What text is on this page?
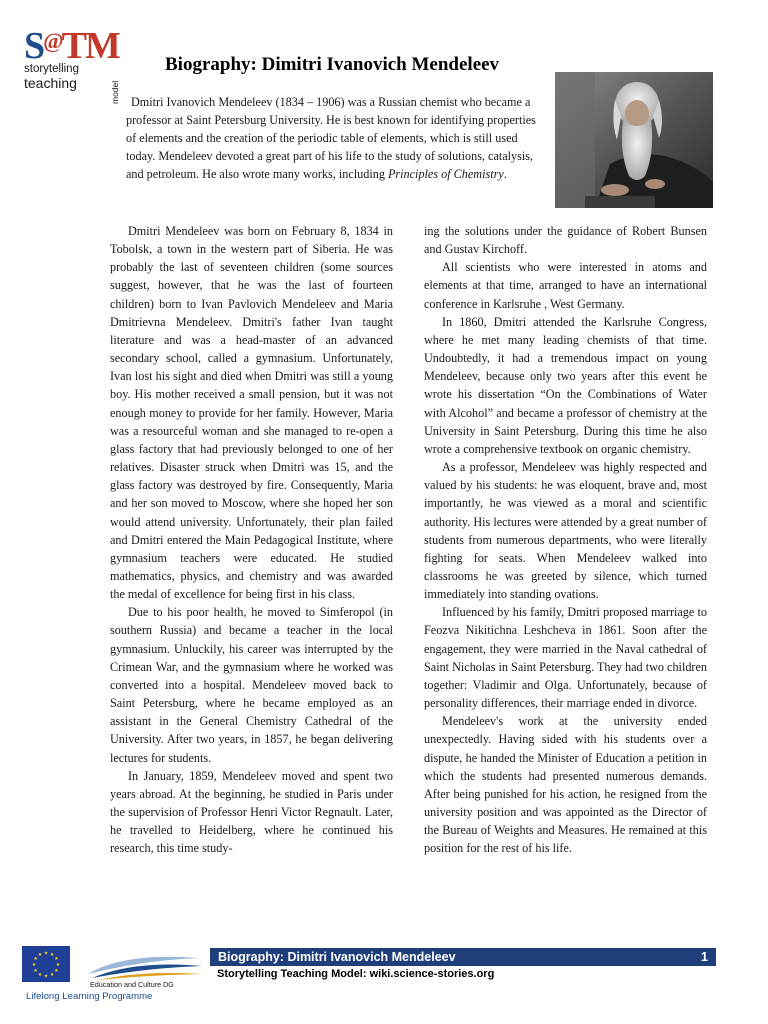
S@TM
storytelling
teaching	model
Biography: Dimitri Ivanovich Mendeleev

Dmitri Ivanovich Mendeleev (1834 – 1906) was a Russian chemist who became a professor at Saint Petersburg University. He is best known for identifying properties of elements and the creation of the periodic table of elements, which is still used today. Mendeleev devoted a great part of his life to the study of solutions, catalysis, and petroleum. He also wrote many works, including Principles of Chemistry.

Dmitri Mendeleev was born on February 8, 1834 in Tobolsk, a town in the western part of Siberia. He was probably the last of seventeen children (some sources suggest, however, that he was the last of fourteen children) born to Ivan Pavlovich Mendeleev and Maria Dmitrievna Mendeleev. Dmitri's father Ivan taught literature and was a head-master of an advanced secondary school, called a gymnasium. Unfortunately, Ivan lost his sight and died when Dmitri was still a young boy. His mother received a small pension, but it was not enough money to provide for her family. However, Maria was a resourceful woman and she managed to re-open a glass factory that had previously belonged to one of her relatives. Disaster struck when Dmitri was 15, and the glass factory was destroyed by fire. Consequently, Maria and her son moved to Moscow, where she hoped her son would attend university. Unfortunately, their plan failed and Dmitri entered the Main Pedagogical Institute, where gymnasium teachers were educated. He studied mathematics, physics, and chemistry and was awarded the medal of excellence for being first in his class.

Due to his poor health, he moved to Simferopol (in southern Russia) and became a teacher in the local gymnasium. Unluckily, his career was interrupted by the Crimean War, and the gymnasium where he worked was converted into a hospital. Mendeleev moved back to Saint Petersburg, where he became employed as an assistant in the General Chemistry Cathedral of the University. After two years, in 1857, he began delivering lectures for students.

In January, 1859, Mendeleev moved and spent two years abroad. At the beginning, he studied in Paris under the supervision of Professor Henri Victor Regnault. Later, he travelled to Heidelberg, where he continued his research, this time study-

ing the solutions under the guidance of Robert Bunsen and Gustav Kirchoff.

All scientists who were interested in atoms and elements at that time, arranged to have an international conference in Karlsruhe , West Germany.

In 1860, Dmitri attended the Karlsruhe Congress, where he met many leading chemists of that time. Undoubtedly, it had a tremendous impact on young Mendeleev, because only two years after this event he wrote his dissertation “On the Combinations of Water with Alcohol” and became a professor of chemistry at the University in Saint Petersburg. During this time he also wrote a comprehensive textbook on organic chemistry.

As a professor, Mendeleev was highly respected and valued by his students: he was eloquent, brave and, most importantly, he was viewed as a moral and scientific authority. His lectures were attended by a great number of students from numerous departments, who were literally fighting for seats. When Mendeleev walked into classrooms he was greeted by silence, which turned immediately into standing ovations.

Influenced by his family, Dmitri proposed marriage to Feozva Nikitichna Leshcheva in 1861. Soon after the engagement, they were married in the Naval cathedral of Saint Nicholas in Saint Petersburg. They had two children together: Vladimir and Olga. Unfortunately, because of personality differences, their marriage ended in divorce.

Mendeleev's work at the university ended unexpectedly. Having sided with his students over a dispute, he handed the Minister of Education a petition in which the students had presented numerous demands. After being punished for his action, he resigned from the university position and was appointed as the Director of the Bureau of Weights and Measures. He remained at this position for the rest of his life.

★ ★
★
★
★
★
★
★
★
★
★
★
Education and Culture DG
Lifelong Learning Programme
Biography: Dimitri Ivanovich Mendeleev	1
Storytelling Teaching Model: wiki.science-stories.org
